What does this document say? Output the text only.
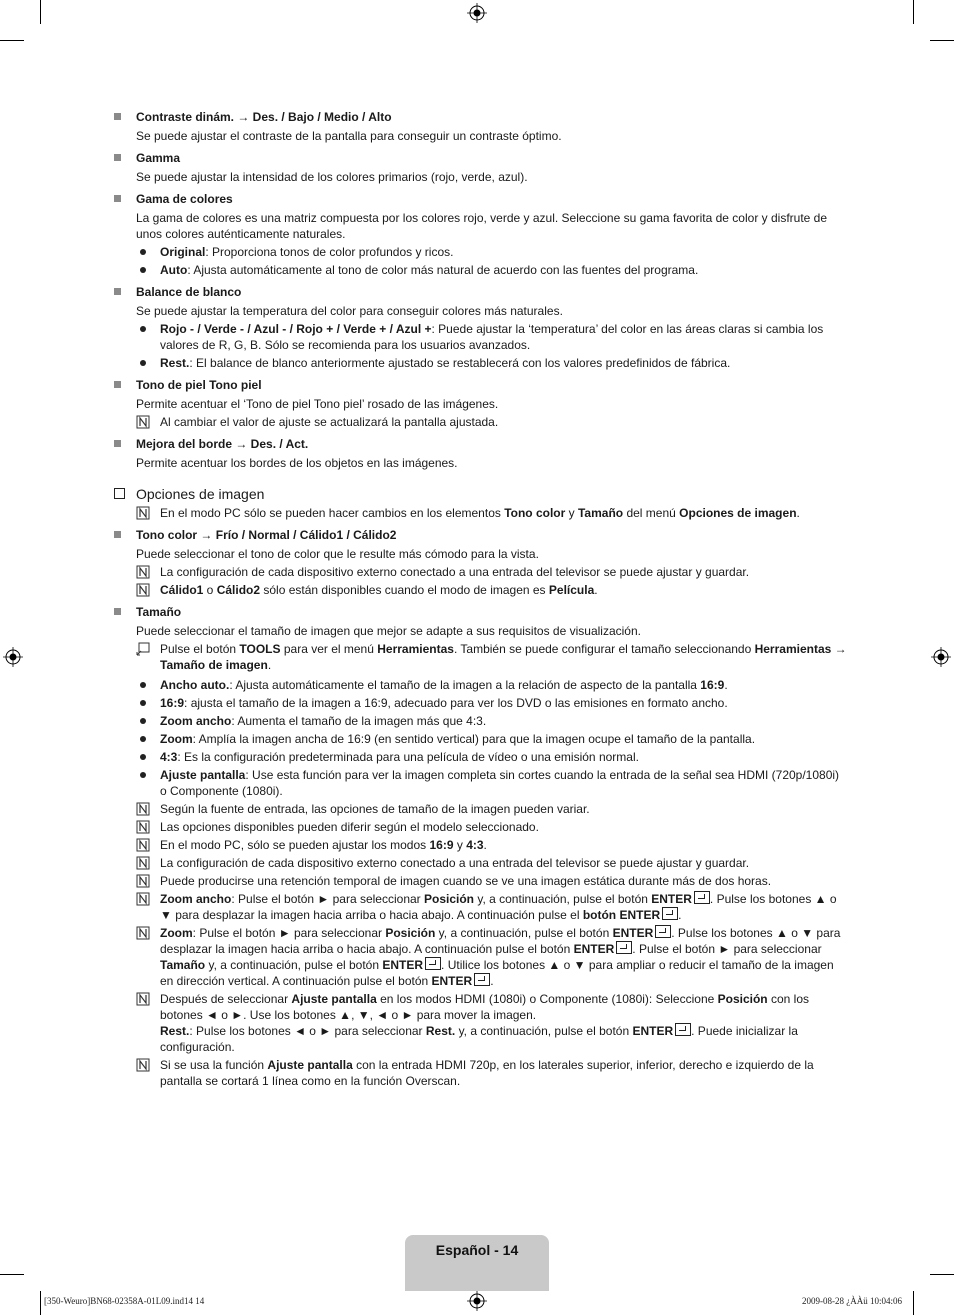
Contraste dinám. → Des. / Bajo / Medio / Alto
Se puede ajustar el contraste de la pantalla para conseguir un contraste óptimo.
Gamma
Se puede ajustar la intensidad de los colores primarios (rojo, verde, azul).
Gama de colores
La gama de colores es una matriz compuesta por los colores rojo, verde y azul. Seleccione su gama favorita de color y disfrute de unos colores auténticamente naturales.
Original: Proporciona tonos de color profundos y ricos.
Auto: Ajusta automáticamente al tono de color más natural de acuerdo con las fuentes del programa.
Balance de blanco
Se puede ajustar la temperatura del color para conseguir colores más naturales.
Rojo - / Verde - / Azul - / Rojo + / Verde + / Azul +: Puede ajustar la ‘temperatura’ del color en las áreas claras si cambia los valores de R, G, B. Sólo se recomienda para los usuarios avanzados.
Rest.: El balance de blanco anteriormente ajustado se restablecerá con los valores predefinidos de fábrica.
Tono de piel Tono piel
Permite acentuar el ‘Tono de piel Tono piel’ rosado de las imágenes.
Al cambiar el valor de ajuste se actualizará la pantalla ajustada.
Mejora del borde → Des. / Act.
Permite acentuar los bordes de los objetos en las imágenes.
Opciones de imagen
En el modo PC sólo se pueden hacer cambios en los elementos Tono color y Tamaño del menú Opciones de imagen.
Tono color → Frío / Normal / Cálido1 / Cálido2
Puede seleccionar el tono de color que le resulte más cómodo para la vista.
La configuración de cada dispositivo externo conectado a una entrada del televisor se puede ajustar y guardar.
Cálido1 o Cálido2 sólo están disponibles cuando el modo de imagen es Película.
Tamaño
Puede seleccionar el tamaño de imagen que mejor se adapte a sus requisitos de visualización.
Pulse el botón TOOLS para ver el menú Herramientas. También se puede configurar el tamaño seleccionando Herramientas → Tamaño de imagen.
Ancho auto.: Ajusta automáticamente el tamaño de la imagen a la relación de aspecto de la pantalla 16:9.
16:9: ajusta el tamaño de la imagen a 16:9, adecuado para ver los DVD o las emisiones en formato ancho.
Zoom ancho: Aumenta el tamaño de la imagen más que 4:3.
Zoom: Amplía la imagen ancha de 16:9 (en sentido vertical) para que la imagen ocupe el tamaño de la pantalla.
4:3: Es la configuración predeterminada para una película de vídeo o una emisión normal.
Ajuste pantalla: Use esta función para ver la imagen completa sin cortes cuando la entrada de la señal sea HDMI (720p/1080i) o Componente (1080i).
Según la fuente de entrada, las opciones de tamaño de la imagen pueden variar.
Las opciones disponibles pueden diferir según el modelo seleccionado.
En el modo PC, sólo se pueden ajustar los modos 16:9 y 4:3.
La configuración de cada dispositivo externo conectado a una entrada del televisor se puede ajustar y guardar.
Puede producirse una retención temporal de imagen cuando se ve una imagen estática durante más de dos horas.
Zoom ancho: Pulse el botón ► para seleccionar Posición y, a continuación, pulse el botón ENTER . Pulse los botones ▲ o ▼ para desplazar la imagen hacia arriba o hacia abajo. A continuación pulse el botón ENTER .
Zoom: Pulse el botón ► para seleccionar Posición y, a continuación, pulse el botón ENTER . Pulse los botones ▲ o ▼ para desplazar la imagen hacia arriba o hacia abajo. A continuación pulse el botón ENTER . Pulse el botón ► para seleccionar Tamaño y, a continuación, pulse el botón ENTER . Utilice los botones ▲ o ▼ para ampliar o reducir el tamaño de la imagen en dirección vertical. A continuación pulse el botón ENTER .
Después de seleccionar Ajuste pantalla en los modos HDMI (1080i) o Componente (1080i): Seleccione Posición con los botones ◄ o ►. Use los botones ▲, ▼, ◄ o ► para mover la imagen.
Rest.: Pulse los botones ◄ o ► para seleccionar Rest. y, a continuación, pulse el botón ENTER . Puede inicializar la configuración.
Si se usa la función Ajuste pantalla con la entrada HDMI 720p, en los laterales superior, inferior, derecho e izquierdo de la pantalla se cortará 1 línea como en la función Overscan.
Español - 14
[350-Weuro]BN68-02358A-01L09.ind14 14	2009-08-28 ¿ÀÀü 10:04:06
